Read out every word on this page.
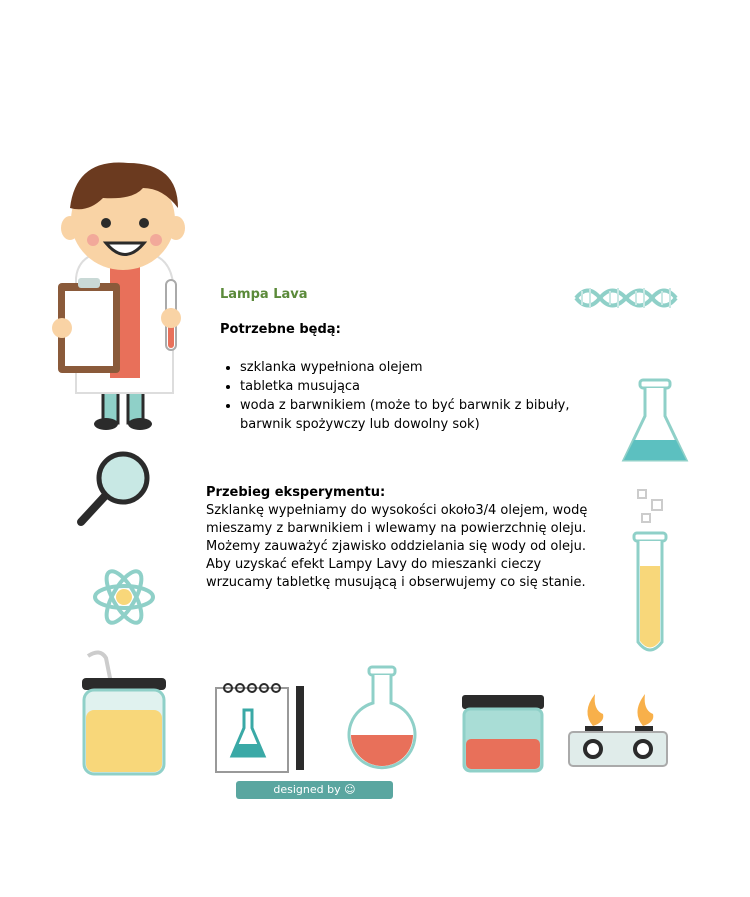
Lampa Lava
Potrzebne będą:
• szklanka wypełniona olejem
• tabletka musująca
• woda z barwnikiem (może to być barwnik z bibuły, barwnik spożywczy lub dowolny sok)
Przebieg eksperymentu:
Szklankę wypełniamy do wysokości około3/4 olejem, wodę mieszamy z barwnikiem i wlewamy na powierzchnię oleju. Możemy zauważyć zjawisko oddzielania się wody od oleju. Aby uzyskać efekt Lampy Lavy do mieszanki cieczy wrzucamy tabletkę musującą i obserwujemy co się stanie.
designed by ☺ freepik.com
